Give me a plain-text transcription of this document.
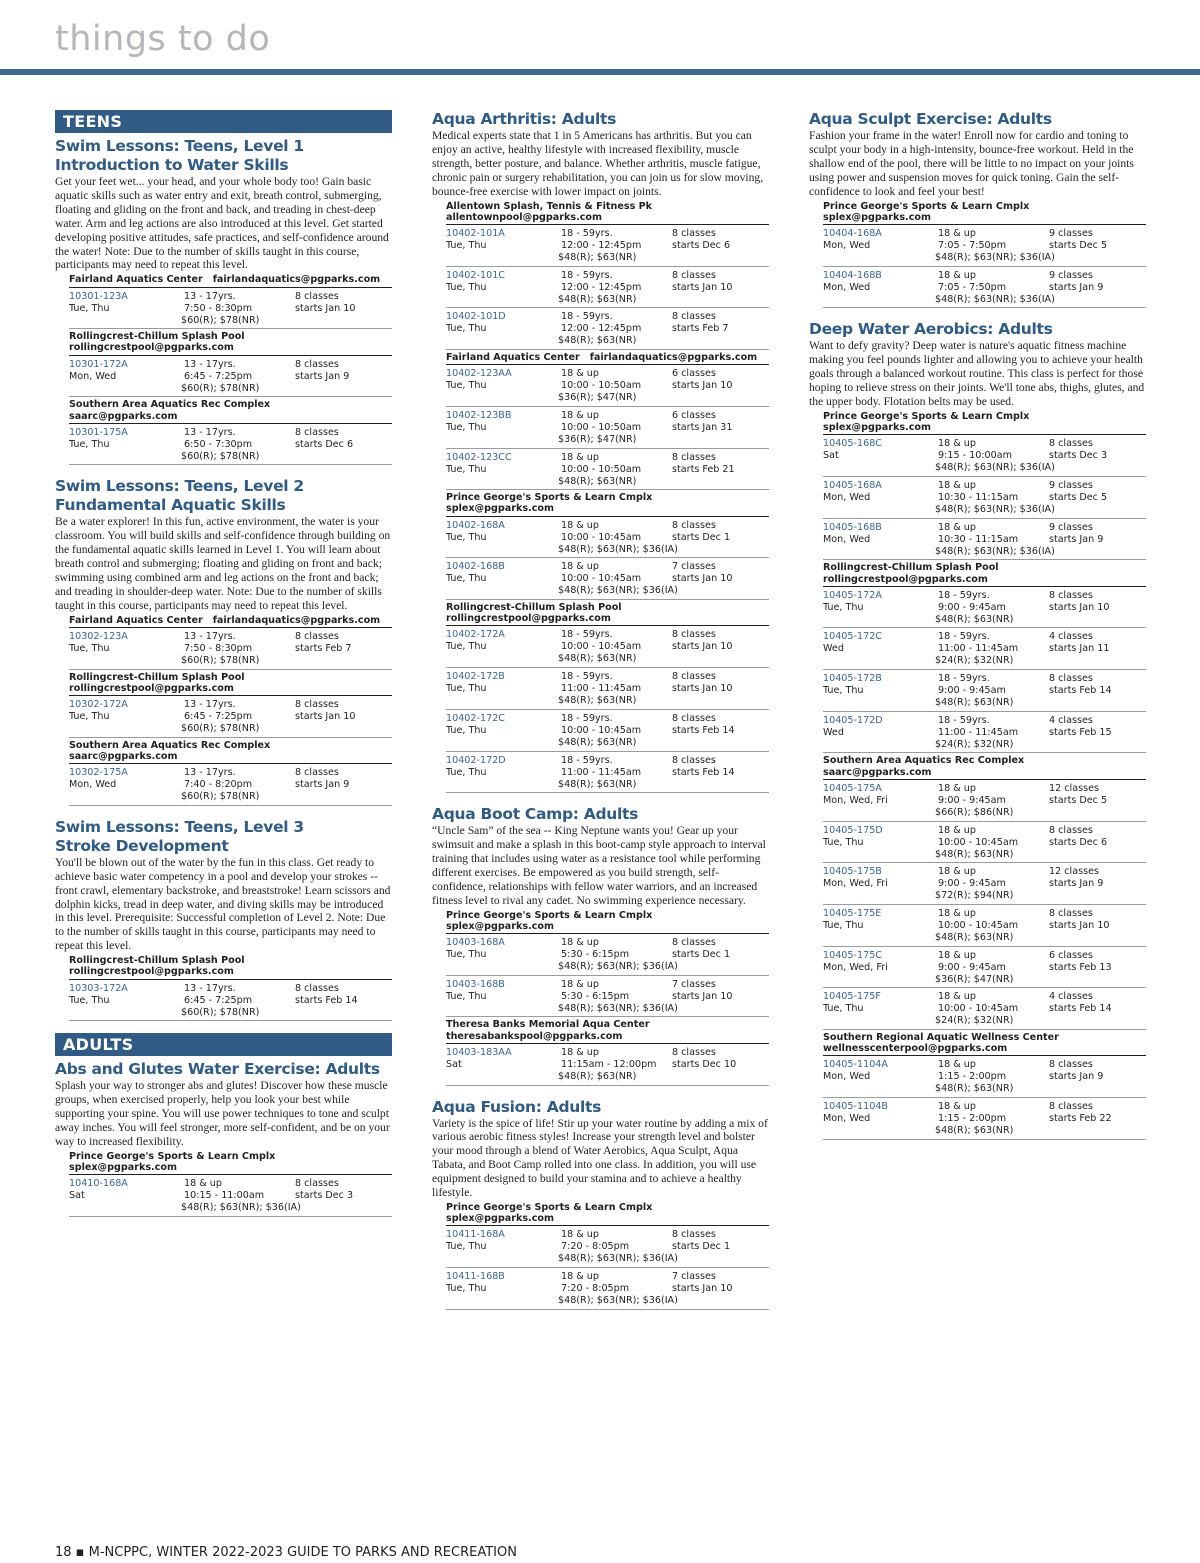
things to do
TEENS
Swim Lessons: Teens, Level 1
Introduction to Water Skills

Get your feet wet... your head, and your whole body too! Gain basic aquatic skills such as water entry and exit, breath control, submerging, floating and gliding on the front and back, and treading in chest-deep water. Arm and leg actions are also introduced at this level. Get started developing positive attitudes, safe practices, and self-confidence around the water! Note: Due to the number of skills taught in this course, participants may need to repeat this level.

Fairland Aquatics Center   fairlandaquatics@pgparks.com
10301-123A
Tue, Thu
13 - 17yrs.
7:50 - 8:30pm
$60(R); $78(NR)
8 classes
starts Jan 10
Rollingcrest-Chillum Splash Pool
rollingcrestpool@pgparks.com
10301-172A
Mon, Wed
13 - 17yrs.
6:45 - 7:25pm
$60(R); $78(NR)
8 classes
starts Jan 9
Southern Area Aquatics Rec Complex
saarc@pgparks.com
10301-175A
Tue, Thu
13 - 17yrs.
6:50 - 7:30pm
$60(R); $78(NR)
8 classes
starts Dec 6
Swim Lessons: Teens, Level 2
Fundamental Aquatic Skills

Be a water explorer! In this fun, active environment, the water is your classroom. You will build skills and self-confidence through building on the fundamental aquatic skills learned in Level 1. You will learn about breath control and submerging; floating and gliding on front and back; swimming using combined arm and leg actions on the front and back; and treading in shoulder-deep water. Note: Due to the number of skills taught in this course, participants may need to repeat this level.

Fairland Aquatics Center   fairlandaquatics@pgparks.com
10302-123A
Tue, Thu
13 - 17yrs.
7:50 - 8:30pm
$60(R); $78(NR)
8 classes
starts Feb 7
Rollingcrest-Chillum Splash Pool
rollingcrestpool@pgparks.com
10302-172A
Tue, Thu
13 - 17yrs.
6:45 - 7:25pm
$60(R); $78(NR)
8 classes
starts Jan 10
Southern Area Aquatics Rec Complex
saarc@pgparks.com
10302-175A
Mon, Wed
13 - 17yrs.
7:40 - 8:20pm
$60(R); $78(NR)
8 classes
starts Jan 9
Swim Lessons: Teens, Level 3
Stroke Development

You'll be blown out of the water by the fun in this class. Get ready to achieve basic water competency in a pool and develop your strokes -- front crawl, elementary backstroke, and breaststroke! Learn scissors and dolphin kicks, tread in deep water, and diving skills may be introduced in this level. Prerequisite: Successful completion of Level 2. Note: Due to the number of skills taught in this course, participants may need to repeat this level.

Rollingcrest-Chillum Splash Pool
rollingcrestpool@pgparks.com
10303-172A
Tue, Thu
13 - 17yrs.
6:45 - 7:25pm
$60(R); $78(NR)
8 classes
starts Feb 14
ADULTS
Abs and Glutes Water Exercise: Adults

Splash your way to stronger abs and glutes! Discover how these muscle groups, when exercised properly, help you look your best while supporting your spine. You will use power techniques to tone and sculpt away inches. You will feel stronger, more self-confident, and be on your way to increased flexibility.

Prince George's Sports & Learn Cmplx
splex@pgparks.com
10410-168A
Sat
18 & up
10:15 - 11:00am
$48(R); $63(NR); $36(IA)
8 classes
starts Dec 3
Aqua Arthritis: Adults

Medical experts state that 1 in 5 Americans has arthritis. But you can enjoy an active, healthy lifestyle with increased flexibility, muscle strength, better posture, and balance. Whether arthritis, muscle fatigue, chronic pain or surgery rehabilitation, you can join us for slow moving, bounce-free exercise with lower impact on joints.

Allentown Splash, Tennis & Fitness Pk
allentownpool@pgparks.com
10402-101A
Tue, Thu
18 - 59yrs.
12:00 - 12:45pm
$48(R); $63(NR)
8 classes
starts Dec 6
10402-101C
Tue, Thu
18 - 59yrs.
12:00 - 12:45pm
$48(R); $63(NR)
8 classes
starts Jan 10
10402-101D
Tue, Thu
18 - 59yrs.
12:00 - 12:45pm
$48(R); $63(NR)
8 classes
starts Feb 7
Fairland Aquatics Center   fairlandaquatics@pgparks.com
10402-123AA
Tue, Thu
18 & up
10:00 - 10:50am
$36(R); $47(NR)
6 classes
starts Jan 10
10402-123BB
Tue, Thu
18 & up
10:00 - 10:50am
$36(R); $47(NR)
6 classes
starts Jan 31
10402-123CC
Tue, Thu
18 & up
10:00 - 10:50am
$48(R); $63(NR)
8 classes
starts Feb 21
Prince George's Sports & Learn Cmplx
splex@pgparks.com
10402-168A
Tue, Thu
18 & up
10:00 - 10:45am
$48(R); $63(NR); $36(IA)
8 classes
starts Dec 1
10402-168B
Tue, Thu
18 & up
10:00 - 10:45am
$48(R); $63(NR); $36(IA)
7 classes
starts Jan 10
Rollingcrest-Chillum Splash Pool
rollingcrestpool@pgparks.com
10402-172A
Tue, Thu
18 - 59yrs.
10:00 - 10:45am
$48(R); $63(NR)
8 classes
starts Jan 10
10402-172B
Tue, Thu
18 - 59yrs.
11:00 - 11:45am
$48(R); $63(NR)
8 classes
starts Jan 10
10402-172C
Tue, Thu
18 - 59yrs.
10:00 - 10:45am
$48(R); $63(NR)
8 classes
starts Feb 14
10402-172D
Tue, Thu
18 - 59yrs.
11:00 - 11:45am
$48(R); $63(NR)
8 classes
starts Feb 14
Aqua Boot Camp: Adults

“Uncle Sam” of the sea -- King Neptune wants you! Gear up your swimsuit and make a splash in this boot-camp style approach to interval training that includes using water as a resistance tool while performing different exercises. Be empowered as you build strength, self-confidence, relationships with fellow water warriors, and an increased fitness level to rival any cadet. No swimming experience necessary.

Prince George's Sports & Learn Cmplx
splex@pgparks.com
10403-168A
Tue, Thu
18 & up
5:30 - 6:15pm
$48(R); $63(NR); $36(IA)
8 classes
starts Dec 1
10403-168B
Tue, Thu
18 & up
5:30 - 6:15pm
$48(R); $63(NR); $36(IA)
7 classes
starts Jan 10
Theresa Banks Memorial Aqua Center
theresabankspool@pgparks.com
10403-183AA
Sat
18 & up
11:15am - 12:00pm
$48(R); $63(NR)
8 classes
starts Dec 10
Aqua Fusion: Adults

Variety is the spice of life! Stir up your water routine by adding a mix of various aerobic fitness styles! Increase your strength level and bolster your mood through a blend of Water Aerobics, Aqua Sculpt, Aqua Tabata, and Boot Camp rolled into one class. In addition, you will use equipment designed to build your stamina and to achieve a healthy lifestyle.

Prince George's Sports & Learn Cmplx
splex@pgparks.com
10411-168A
Tue, Thu
18 & up
7:20 - 8:05pm
$48(R); $63(NR); $36(IA)
8 classes
starts Dec 1
10411-168B
Tue, Thu
18 & up
7:20 - 8:05pm
$48(R); $63(NR); $36(IA)
7 classes
starts Jan 10
Aqua Sculpt Exercise: Adults

Fashion your frame in the water! Enroll now for cardio and toning to sculpt your body in a high-intensity, bounce-free workout. Held in the shallow end of the pool, there will be little to no impact on your joints using power and suspension moves for quick toning. Gain the self-confidence to look and feel your best!

Prince George's Sports & Learn Cmplx
splex@pgparks.com
10404-168A
Mon, Wed
18 & up
7:05 - 7:50pm
$48(R); $63(NR); $36(IA)
9 classes
starts Dec 5
10404-168B
Mon, Wed
18 & up
7:05 - 7:50pm
$48(R); $63(NR); $36(IA)
9 classes
starts Jan 9
Deep Water Aerobics: Adults

Want to defy gravity? Deep water is nature's aquatic fitness machine making you feel pounds lighter and allowing you to achieve your health goals through a balanced workout routine. This class is perfect for those hoping to relieve stress on their joints. We'll tone abs, thighs, glutes, and the upper body. Flotation belts may be used.

Prince George's Sports & Learn Cmplx
splex@pgparks.com
10405-168C
Sat
18 & up
9:15 - 10:00am
$48(R); $63(NR); $36(IA)
8 classes
starts Dec 3
10405-168A
Mon, Wed
18 & up
10:30 - 11:15am
$48(R); $63(NR); $36(IA)
9 classes
starts Dec 5
10405-168B
Mon, Wed
18 & up
10:30 - 11:15am
$48(R); $63(NR); $36(IA)
9 classes
starts Jan 9
Rollingcrest-Chillum Splash Pool
rollingcrestpool@pgparks.com
10405-172A
Tue, Thu
18 - 59yrs.
9:00 - 9:45am
$48(R); $63(NR)
8 classes
starts Jan 10
10405-172C
Wed
18 - 59yrs.
11:00 - 11:45am
$24(R); $32(NR)
4 classes
starts Jan 11
10405-172B
Tue, Thu
18 - 59yrs.
9:00 - 9:45am
$48(R); $63(NR)
8 classes
starts Feb 14
10405-172D
Wed
18 - 59yrs.
11:00 - 11:45am
$24(R); $32(NR)
4 classes
starts Feb 15
Southern Area Aquatics Rec Complex
saarc@pgparks.com
10405-175A
Mon, Wed, Fri
18 & up
9:00 - 9:45am
$66(R); $86(NR)
12 classes
starts Dec 5
10405-175D
Tue, Thu
18 & up
10:00 - 10:45am
$48(R); $63(NR)
8 classes
starts Dec 6
10405-175B
Mon, Wed, Fri
18 & up
9:00 - 9:45am
$72(R); $94(NR)
12 classes
starts Jan 9
10405-175E
Tue, Thu
18 & up
10:00 - 10:45am
$48(R); $63(NR)
8 classes
starts Jan 10
10405-175C
Mon, Wed, Fri
18 & up
9:00 - 9:45am
$36(R); $47(NR)
6 classes
starts Feb 13
10405-175F
Tue, Thu
18 & up
10:00 - 10:45am
$24(R); $32(NR)
4 classes
starts Feb 14
Southern Regional Aquatic Wellness Center
wellnesscenterpool@pgparks.com
10405-1104A
Mon, Wed
18 & up
1:15 - 2:00pm
$48(R); $63(NR)
8 classes
starts Jan 9
10405-1104B
Mon, Wed
18 & up
1:15 - 2:00pm
$48(R); $63(NR)
8 classes
starts Feb 22
18 ▪ M-NCPPC, WINTER 2022-2023 GUIDE TO PARKS AND RECREATION
